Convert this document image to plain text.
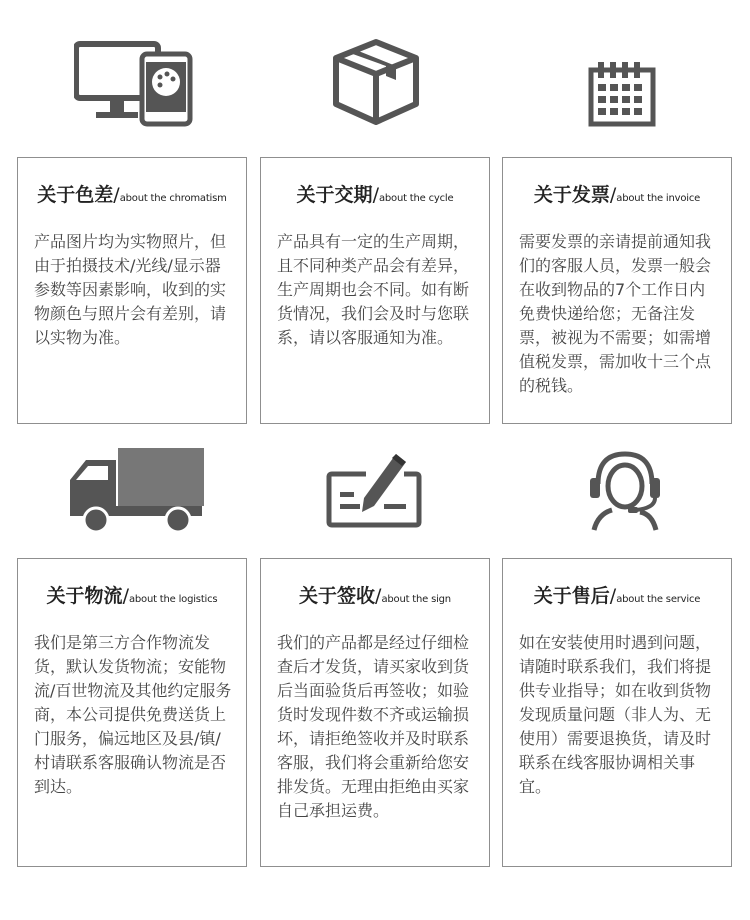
关于色差/about the chromatism
产品图片均为实物照片，但由于拍摄技术/光线/显示器参数等因素影响，收到的实物颜色与照片会有差别，请以实物为准。
关于交期/about the cycle
产品具有一定的生产周期，且不同种类产品会有差异，生产周期也会不同。如有断货情况，我们会及时与您联系，请以客服通知为准。
关于发票/about the invoice
需要发票的亲请提前通知我们的客服人员，发票一般会在收到物品的7个工作日内免费快递给您；无备注发票，被视为不需要；如需增值税发票，需加收十三个点的税钱。
关于物流/about the logistics
我们是第三方合作物流发货，默认发货物流；安能物流/百世物流及其他约定服务商，本公司提供免费送货上门服务，偏远地区及县/镇/村请联系客服确认物流是否到达。
关于签收/about the sign
我们的产品都是经过仔细检查后才发货，请买家收到货后当面验货后再签收；如验货时发现件数不齐或运输损坏，请拒绝签收并及时联系客服，我们将会重新给您安排发货。无理由拒绝由买家自己承担运费。
关于售后/about the service
如在安装使用时遇到问题，请随时联系我们，我们将提供专业指导；如在收到货物发现质量问题（非人为、无使用）需要退换货，请及时联系在线客服协调相关事宜。
